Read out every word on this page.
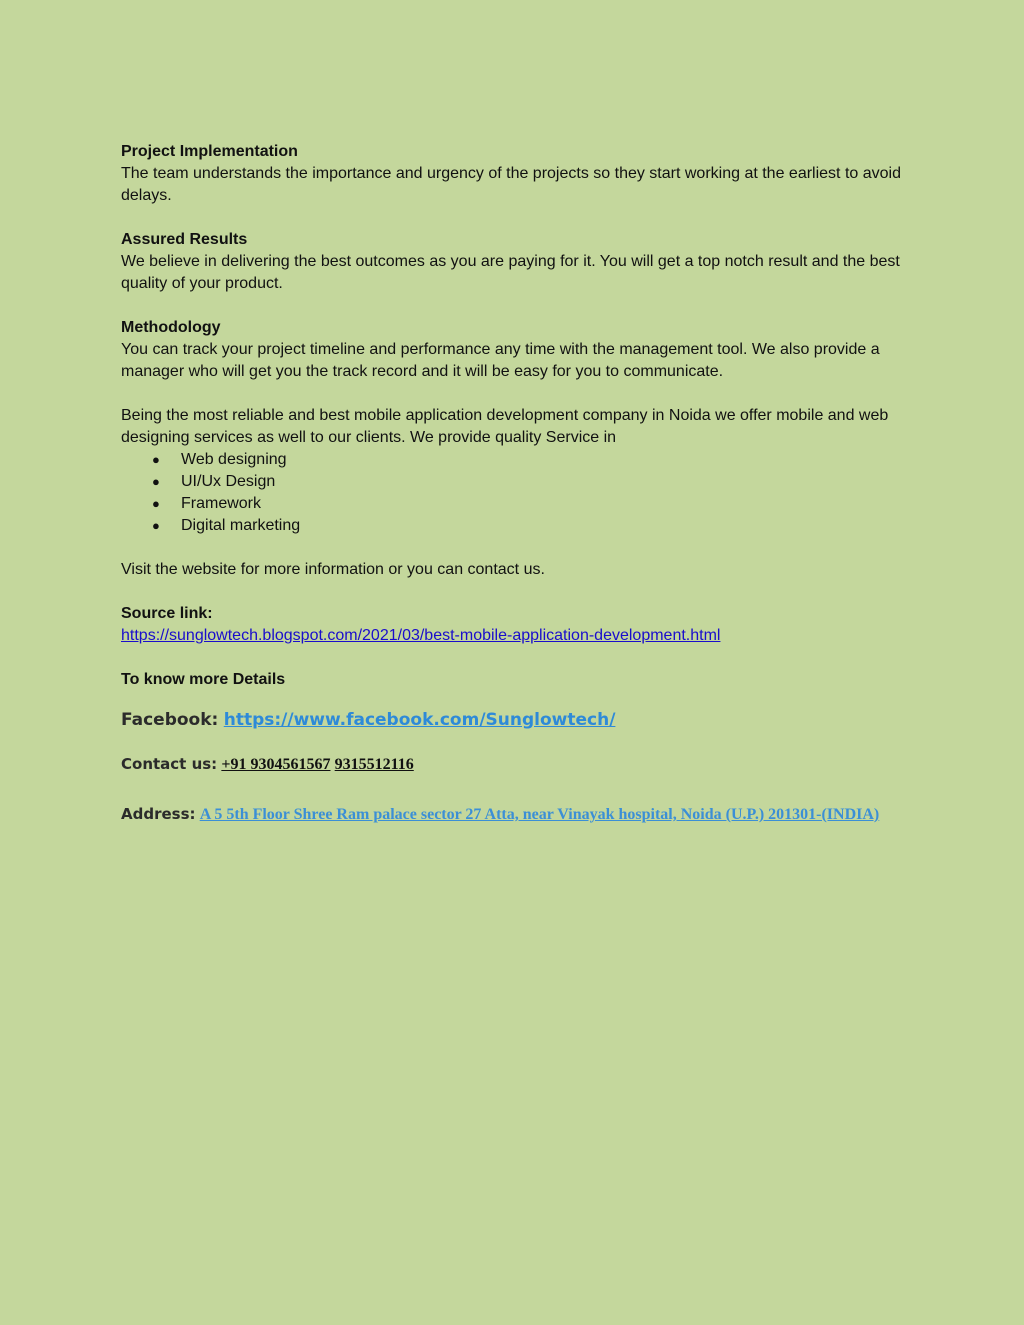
Project Implementation

The team understands the importance and urgency of the projects so they start working at the earliest to avoid delays.

Assured Results

We believe in delivering the best outcomes as you are paying for it. You will get a top notch result and the best quality of your product.

Methodology

You can track your project timeline and performance any time with the management tool. We also provide a manager who will get you the track record and it will be easy for you to communicate.

Being the most reliable and best mobile application development company in Noida we offer mobile and web designing services as well to our clients. We provide quality Service in

● Web designing
● UI/Ux Design
● Framework
● Digital marketing

Visit the website for more information or you can contact us.

Source link:

https://sunglowtech.blogspot.com/2021/03/best-mobile-application-development.html

To know more Details

Facebook: https://www.facebook.com/Sunglowtech/
Contact us: +91 9304561567 9315512116
Address: A 5 5th Floor Shree Ram palace sector 27 Atta, near Vinayak hospital, Noida (U.P.) 201301-(INDIA)
